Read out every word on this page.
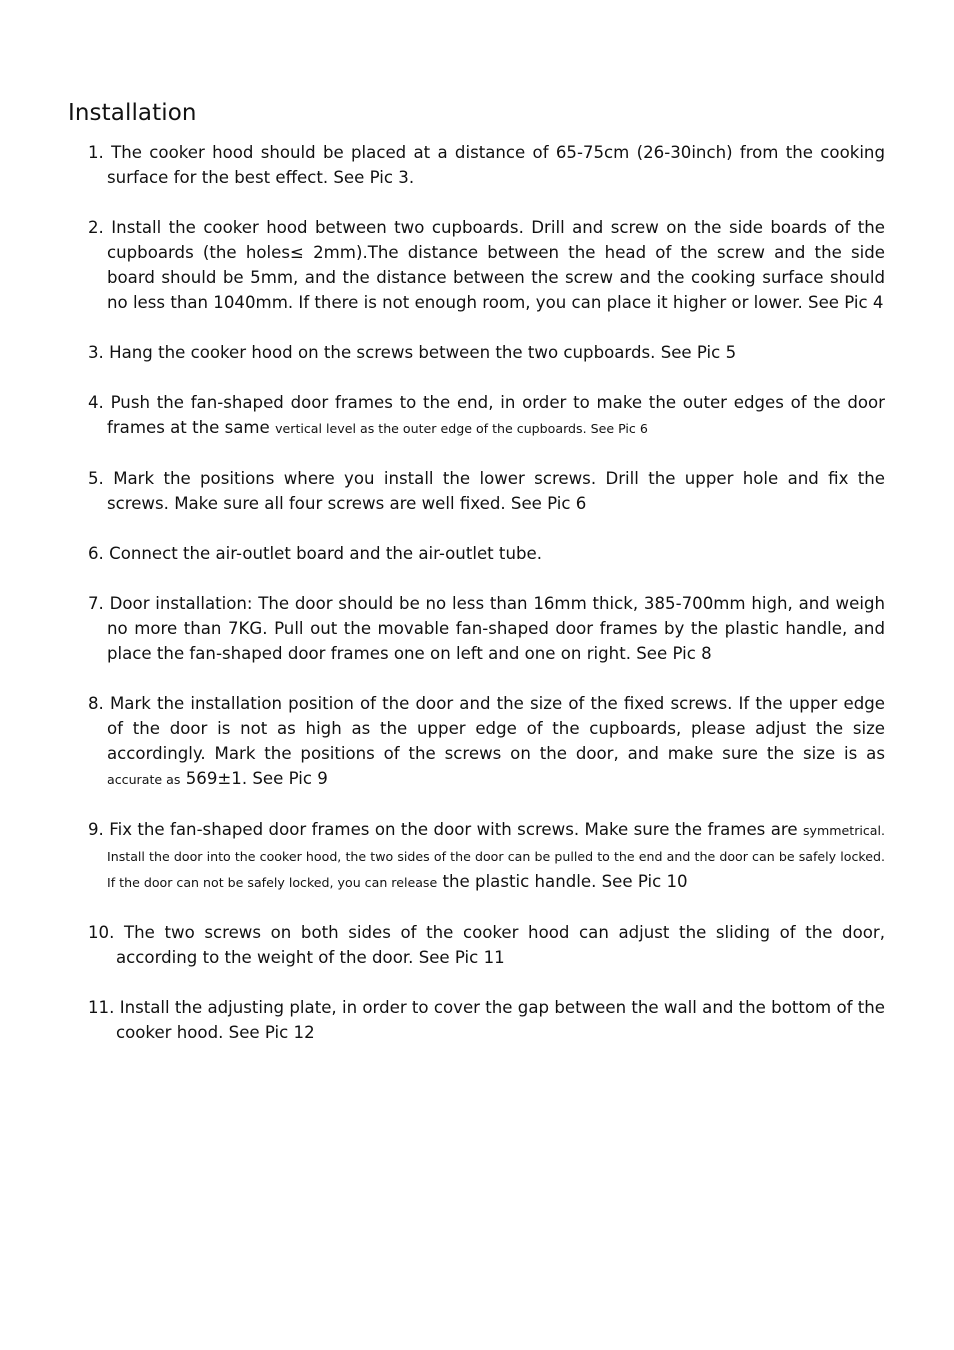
Installation
1. The cooker hood should be placed at a distance of 65-75cm (26-30inch) from the cooking surface for the best effect. See Pic 3.
2. Install the cooker hood between two cupboards. Drill and screw on the side boards of the cupboards (the holes≤ 2mm).The distance between the head of the screw and the side board should be 5mm, and the distance between the screw and the cooking surface should no less than 1040mm. If there is not enough room, you can place it higher or lower. See Pic 4
3. Hang the cooker hood on the screws between the two cupboards. See Pic 5
4. Push the fan-shaped door frames to the end, in order to make the outer edges of the door frames at the same vertical level as the outer edge of the cupboards. See Pic 6
5. Mark the positions where you install the lower screws. Drill the upper hole and fix the screws. Make sure all four screws are well fixed. See Pic 6
6. Connect the air-outlet board and the air-outlet tube.
7. Door installation: The door should be no less than 16mm thick, 385-700mm high, and weigh no more than 7KG. Pull out the movable fan-shaped door frames by the plastic handle, and place the fan-shaped door frames one on left and one on right. See Pic 8
8. Mark the installation position of the door and the size of the fixed screws. If the upper edge of the door is not as high as the upper edge of the cupboards, please adjust the size accordingly. Mark the positions of the screws on the door, and make sure the size is as accurate as 569±1. See Pic 9
9. Fix the fan-shaped door frames on the door with screws. Make sure the frames are symmetrical. Install the door into the cooker hood, the two sides of the door can be pulled to the end and the door can be safely locked. If the door can not be safely locked, you can release the plastic handle. See Pic 10
10. The two screws on both sides of the cooker hood can adjust the sliding of the door, according to the weight of the door. See Pic 11
11. Install the adjusting plate, in order to cover the gap between the wall and the bottom of the cooker hood. See Pic 12
